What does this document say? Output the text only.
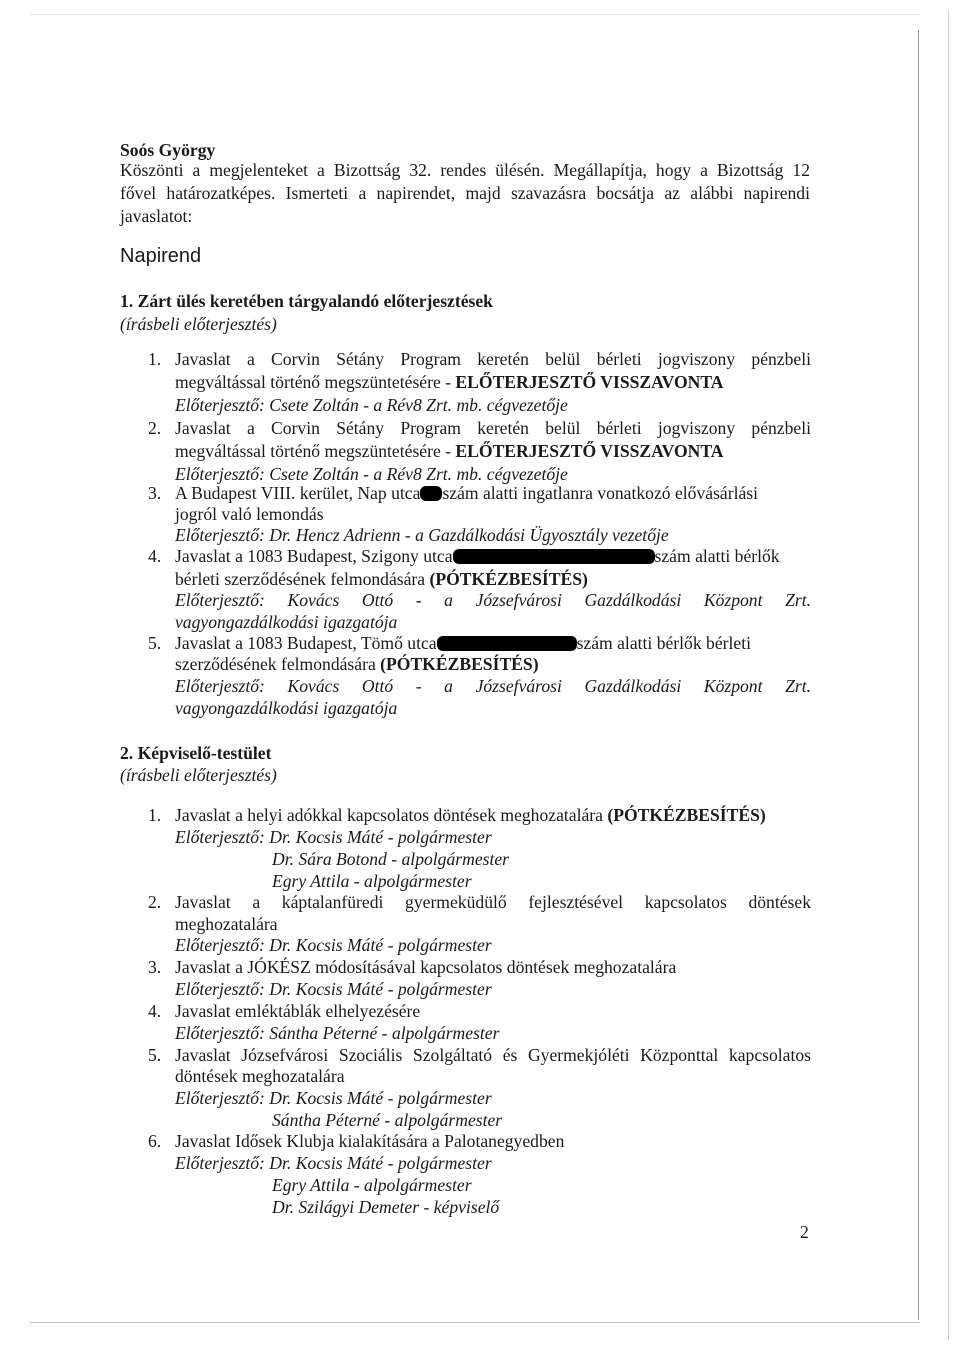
Soós György
Köszönti a megjelenteket a Bizottság 32. rendes ülésén. Megállapítja, hogy a Bizottság 12
fővel határozatképes. Ismerteti a napirendet, majd szavazásra bocsátja az alábbi napirendi
javaslatot:
Napirend
1. Zárt ülés keretében tárgyalandó előterjesztések
(írásbeli előterjesztés)
1. Javaslat a Corvin Sétány Program keretén belül bérleti jogviszony pénzbeli
megváltással történő megszüntetésére - ELŐTERJESZTŐ VISSZAVONTA
Előterjesztő: Csete Zoltán - a Rév8 Zrt. mb. cégvezetője
2. Javaslat a Corvin Sétány Program keretén belül bérleti jogviszony pénzbeli
megváltással történő megszüntetésére - ELŐTERJESZTŐ VISSZAVONTA
Előterjesztő: Csete Zoltán - a Rév8 Zrt. mb. cégvezetője
3. A Budapest VIII. kerület, Nap utca szám alatti ingatlanra vonatkozó elővásárlási
jogról való lemondás
Előterjesztő: Dr. Hencz Adrienn - a Gazdálkodási Ügyosztály vezetője
4. Javaslat a 1083 Budapest, Szigony utca	szám alatti bérlők
bérleti szerződésének felmondására (PÓTKÉZBESÍTÉS)
Előterjesztő: Kovács Ottó - a Józsefvárosi Gazdálkodási Központ Zrt.
vagyongazdálkodási igazgatója
5. Javaslat a 1083 Budapest, Tömő utca	szám alatti bérlők bérleti
szerződésének felmondására (PÓTKÉZBESÍTÉS)
Előterjesztő: Kovács Ottó - a Józsefvárosi Gazdálkodási Központ Zrt.
vagyongazdálkodási igazgatója
2. Képviselő-testület
(írásbeli előterjesztés)
1. Javaslat a helyi adókkal kapcsolatos döntések meghozatalára (PÓTKÉZBESÍTÉS)
Előterjesztő: Dr. Kocsis Máté - polgármester
Dr. Sára Botond - alpolgármester
Egry Attila - alpolgármester
2. Javaslat a káptalanfüredi gyermeküdülő fejlesztésével kapcsolatos döntések
meghozatalára
Előterjesztő: Dr. Kocsis Máté - polgármester
3. Javaslat a JÓKÉSZ módosításával kapcsolatos döntések meghozatalára
Előterjesztő: Dr. Kocsis Máté - polgármester
4. Javaslat emléktáblák elhelyezésére
Előterjesztő: Sántha Péterné - alpolgármester
5. Javaslat Józsefvárosi Szociális Szolgáltató és Gyermekjóléti Központtal kapcsolatos
döntések meghozatalára
Előterjesztő: Dr. Kocsis Máté - polgármester
Sántha Péterné - alpolgármester
6. Javaslat Idősek Klubja kialakítására a Palotanegyedben
Előterjesztő: Dr. Kocsis Máté - polgármester
Egry Attila - alpolgármester
Dr. Szilágyi Demeter - képviselő
2
